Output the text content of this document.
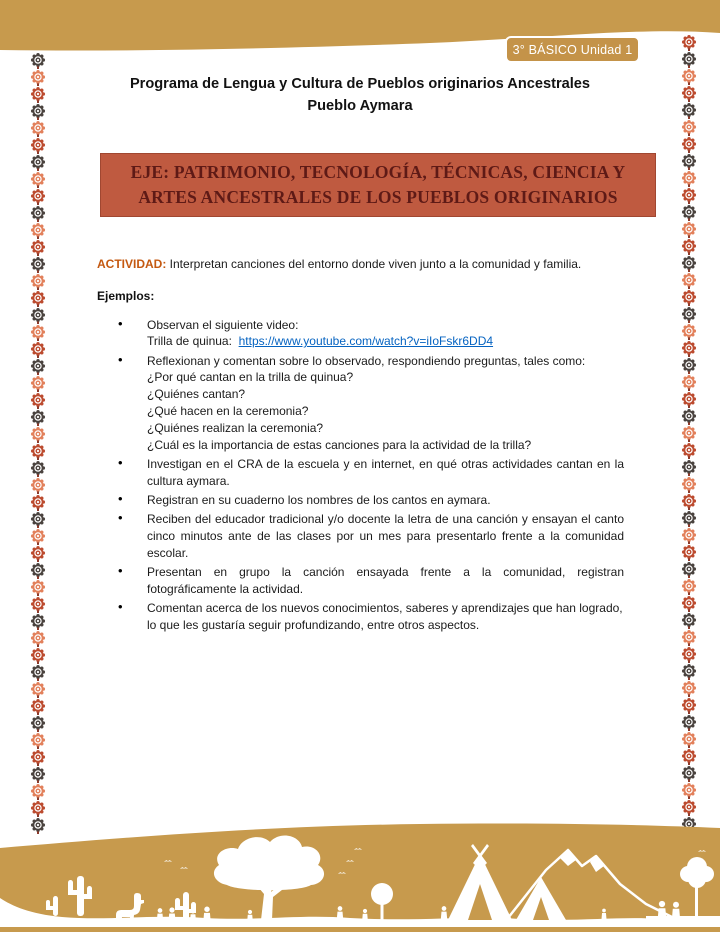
3° BÁSICO Unidad 1
Programa de Lengua y Cultura de Pueblos originarios Ancestrales
Pueblo Aymara
EJE: PATRIMONIO, TECNOLOGÍA, TÉCNICAS, CIENCIA Y ARTES ANCESTRALES DE LOS PUEBLOS ORIGINARIOS

ACTIVIDAD: Interpretan canciones del entorno donde viven junto a la comunidad y familia.

Ejemplos:

• Observan el siguiente video:

Trilla de quinua:  https://www.youtube.com/watch?v=iIoFskr6DD4

• Reflexionan y comentan sobre lo observado, respondiendo preguntas, tales como:

¿Por qué cantan en la trilla de quinua?

¿Quiénes cantan?

¿Qué hacen en la ceremonia?

¿Quiénes realizan la ceremonia?

¿Cuál es la importancia de estas canciones para la actividad de la trilla?

• Investigan en el CRA de la escuela y en internet, en qué otras actividades cantan en la cultura aymara.

• Registran en su cuaderno los nombres de los cantos en aymara.

• Reciben del educador tradicional y/o docente la letra de una canción y ensayan el canto cinco minutos ante de las clases por un mes para presentarlo frente a la comunidad escolar.

• Presentan en grupo la canción ensayada frente a la comunidad, registran fotográficamente la actividad.

• Comentan acerca de los nuevos conocimientos, saberes y aprendizajes que han logrado, lo que les gustaría seguir profundizando, entre otros aspectos.
